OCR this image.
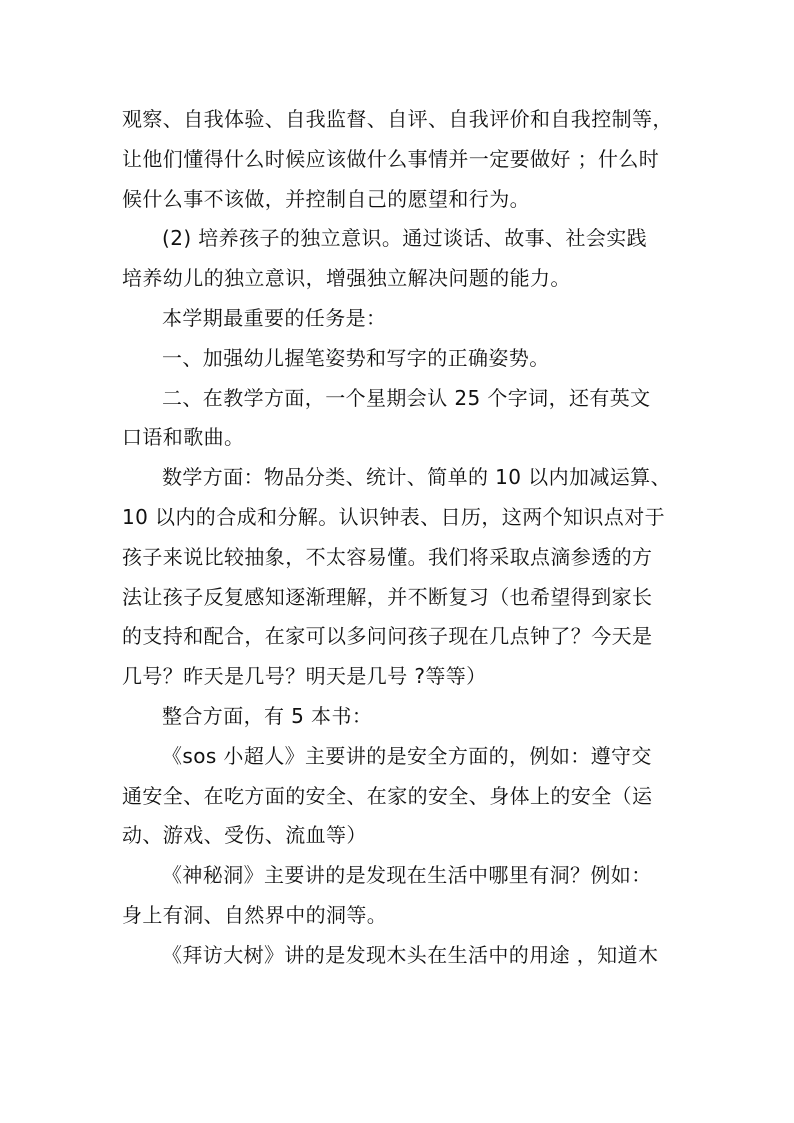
观察、自我体验、自我监督、自评、自我评价和自我控制等，
让他们懂得什么时候应该做什么事情并一定要做好 ；什么时
候什么事不该做，并控制自己的愿望和行为。
(2) 培养孩子的独立意识。通过谈话、故事、社会实践
培养幼儿的独立意识，增强独立解决问题的能力。
本学期最重要的任务是：
一、加强幼儿握笔姿势和写字的正确姿势。
二、在教学方面，一个星期会认 25 个字词，还有英文
口语和歌曲。
数学方面：物品分类、统计、简单的 10 以内加减运算、
10 以内的合成和分解。认识钟表、日历，这两个知识点对于
孩子来说比较抽象，不太容易懂。我们将采取点滴参透的方
法让孩子反复感知逐渐理解，并不断复习（也希望得到家长
的支持和配合，在家可以多问问孩子现在几点钟了？今天是
几号？昨天是几号？明天是几号 ?等等）
整合方面，有 5 本书：
《sos 小超人》主要讲的是安全方面的，例如：遵守交
通安全、在吃方面的安全、在家的安全、身体上的安全（运
动、游戏、受伤、流血等）
《神秘洞》主要讲的是发现在生活中哪里有洞？例如：
身上有洞、自然界中的洞等。
《拜访大树》讲的是发现木头在生活中的用途 ，知道木
